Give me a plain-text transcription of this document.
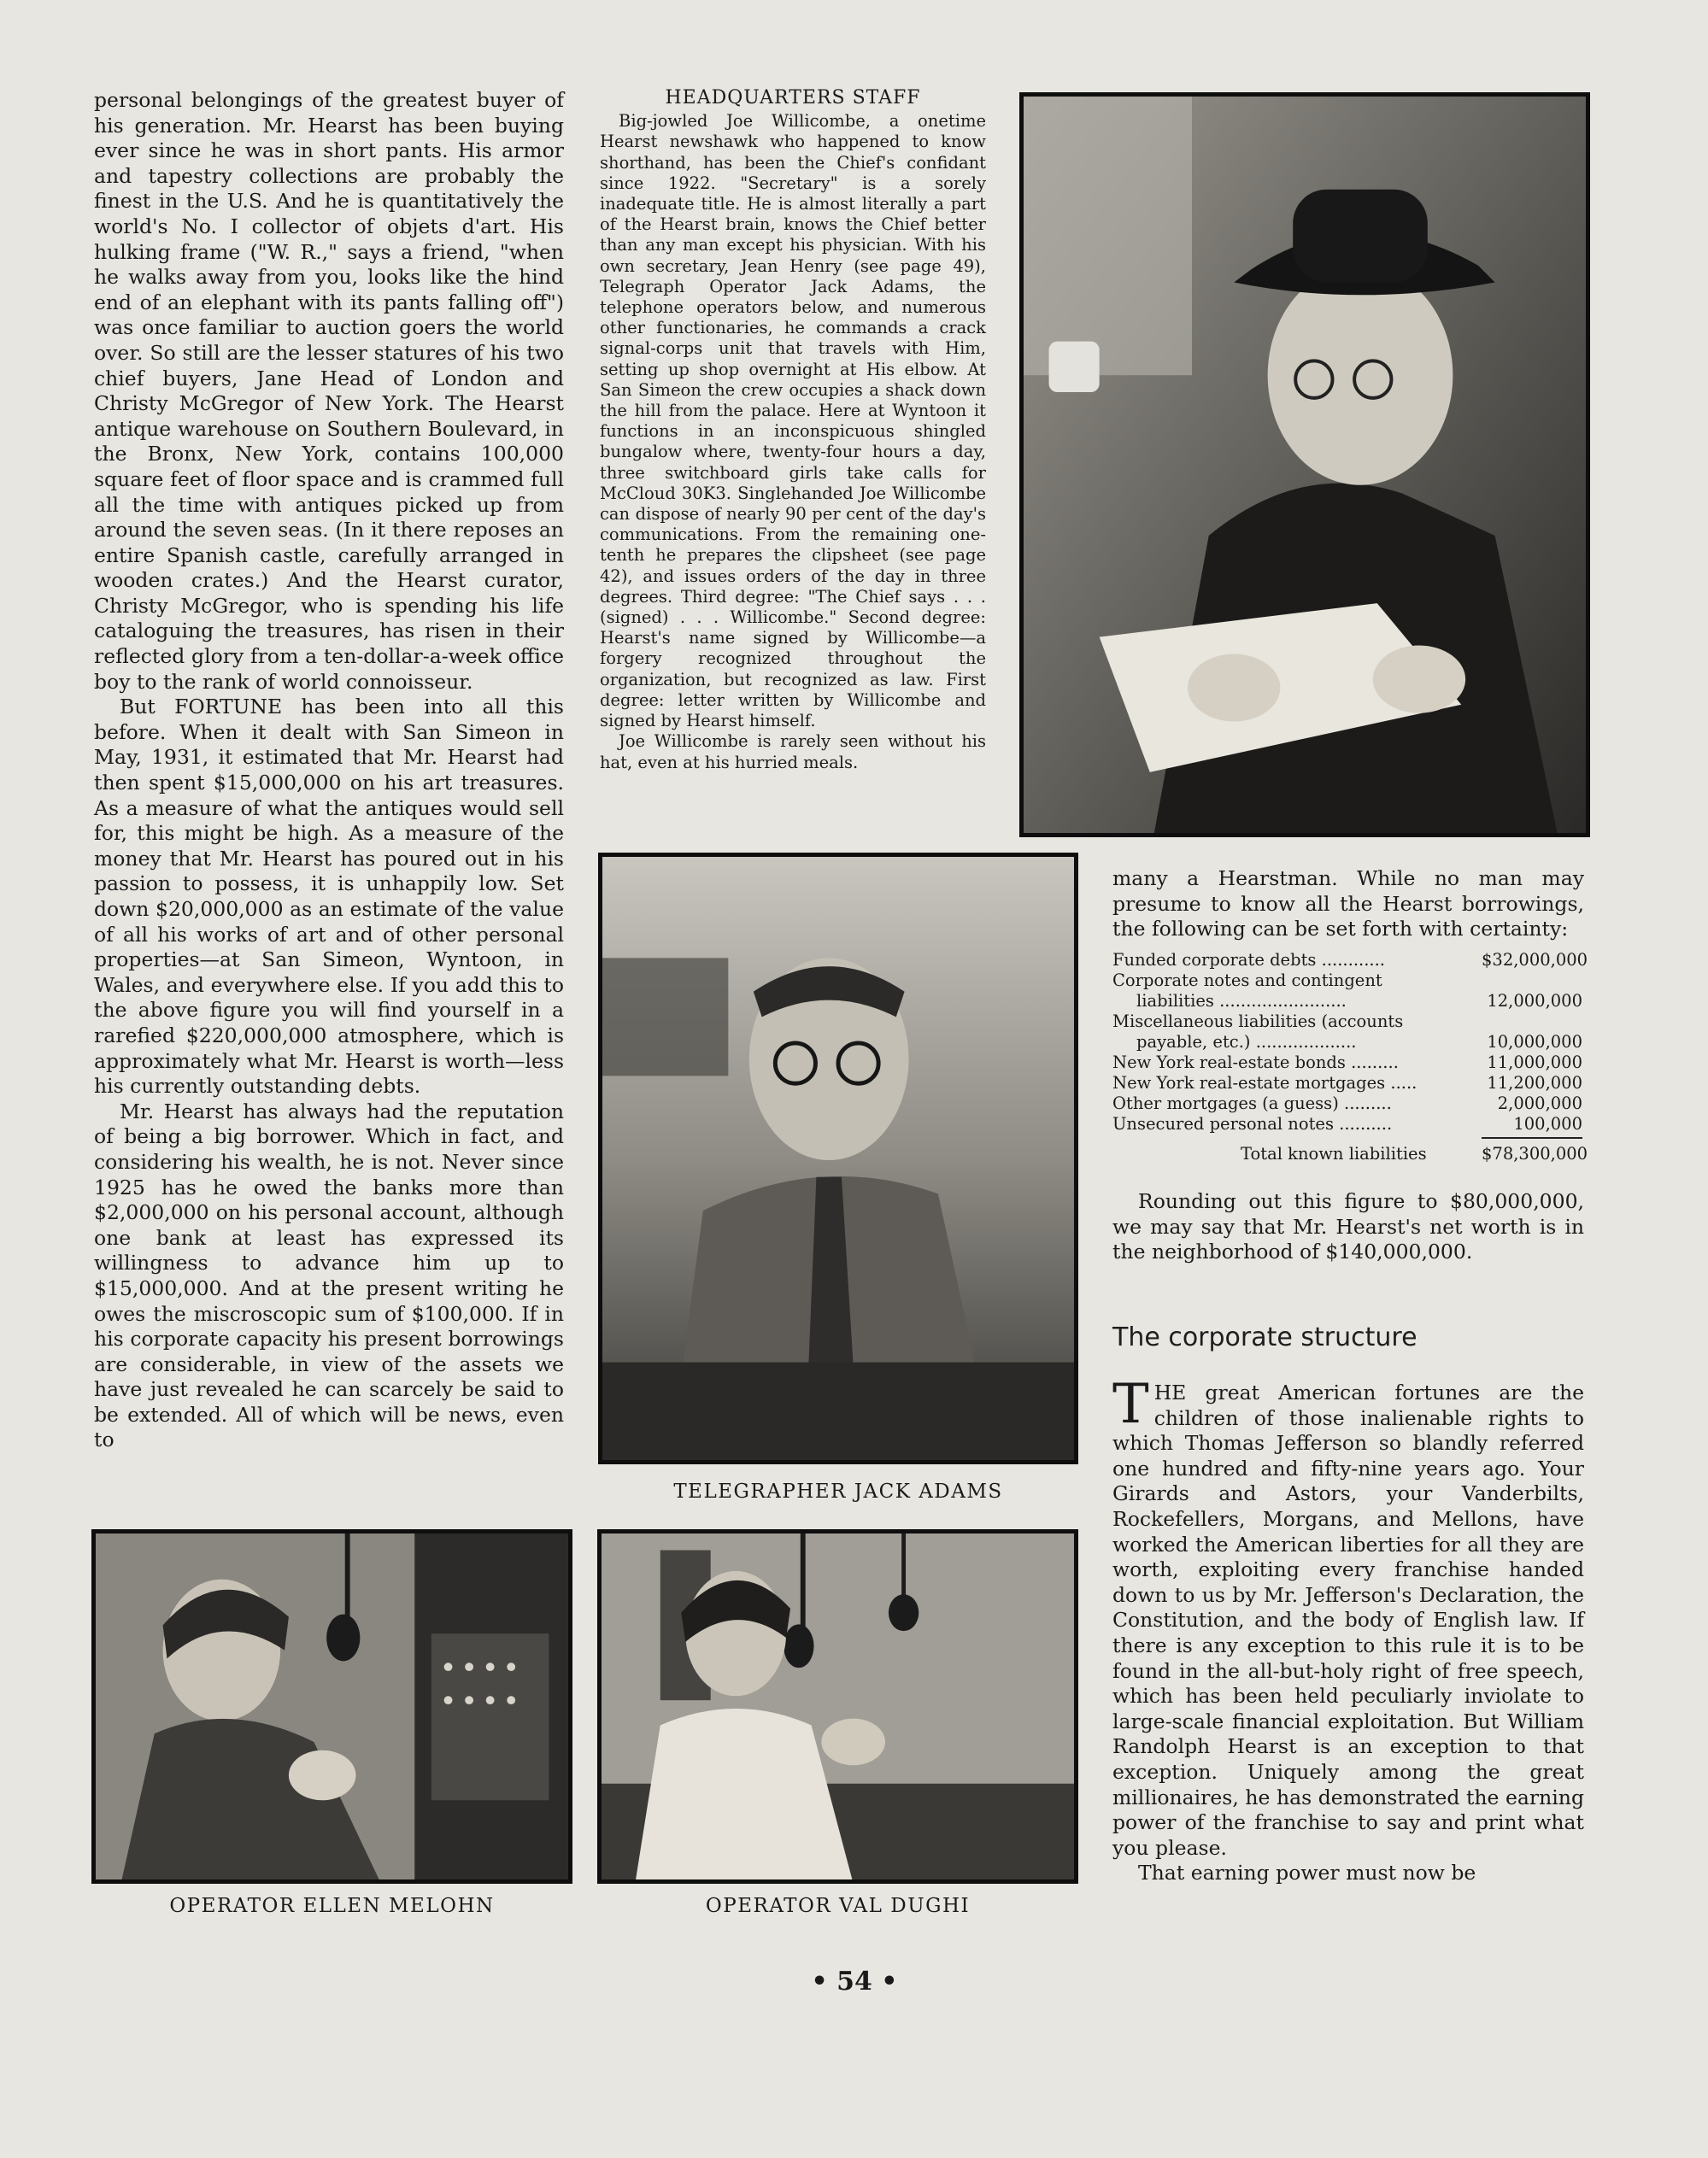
personal belongings of the greatest buyer of his generation. Mr. Hearst has been buying ever since he was in short pants. His armor and tapestry collections are probably the finest in the U.S. And he is quantitatively the world's No. I collector of objets d'art. His hulking frame ("W. R.," says a friend, "when he walks away from you, looks like the hind end of an elephant with its pants falling off") was once familiar to auction goers the world over. So still are the lesser statures of his two chief buyers, Jane Head of London and Christy McGregor of New York. The Hearst antique warehouse on Southern Boulevard, in the Bronx, New York, contains 100,000 square feet of floor space and is crammed full all the time with antiques picked up from around the seven seas. (In it there reposes an entire Spanish castle, carefully arranged in wooden crates.) And the Hearst curator, Christy McGregor, who is spending his life cataloguing the treasures, has risen in their reflected glory from a ten-dollar-a-week office boy to the rank of world connoisseur.

But FORTUNE has been into all this before. When it dealt with San Simeon in May, 1931, it estimated that Mr. Hearst had then spent $15,000,000 on his art treasures. As a measure of what the antiques would sell for, this might be high. As a measure of the money that Mr. Hearst has poured out in his passion to possess, it is unhappily low. Set down $20,000,000 as an estimate of the value of all his works of art and of other personal properties—at San Simeon, Wyntoon, in Wales, and everywhere else. If you add this to the above figure you will find yourself in a rarefied $220,000,000 atmosphere, which is approximately what Mr. Hearst is worth—less his currently outstanding debts.

Mr. Hearst has always had the reputation of being a big borrower. Which in fact, and considering his wealth, he is not. Never since 1925 has he owed the banks more than $2,000,000 on his personal account, although one bank at least has expressed its willingness to advance him up to $15,000,000. And at the present writing he owes the miscroscopic sum of $100,000. If in his corporate capacity his present borrowings are considerable, in view of the assets we have just revealed he can scarcely be said to be extended. All of which will be news, even to

HEADQUARTERS STAFF

Big-jowled Joe Willicombe, a onetime Hearst newshawk who happened to know shorthand, has been the Chief's confidant since 1922. "Secretary" is a sorely inadequate title. He is almost literally a part of the Hearst brain, knows the Chief better than any man except his physician. With his own secretary, Jean Henry (see page 49), Telegraph Operator Jack Adams, the telephone operators below, and numerous other functionaries, he commands a crack signal-corps unit that travels with Him, setting up shop overnight at His elbow. At San Simeon the crew occupies a shack down the hill from the palace. Here at Wyntoon it functions in an inconspicuous shingled bungalow where, twenty-four hours a day, three switchboard girls take calls for McCloud 30K3. Singlehanded Joe Willicombe can dispose of nearly 90 per cent of the day's communications. From the remaining one-tenth he prepares the clipsheet (see page 42), and issues orders of the day in three degrees. Third degree: "The Chief says . . . (signed) . . . Willicombe." Second degree: Hearst's name signed by Willicombe—a forgery recognized throughout the organization, but recognized as law. First degree: letter written by Willicombe and signed by Hearst himself.

Joe Willicombe is rarely seen without his hat, even at his hurried meals.

TELEGRAPHER JACK ADAMS

many a Hearstman. While no man may presume to know all the Hearst borrowings, the following can be set forth with certainty:

Funded corporate debts ............	$32,000,000
Corporate notes and contingent
liabilities ........................	12,000,000
Miscellaneous liabilities (accounts
payable, etc.) ...................	10,000,000
New York real-estate bonds .........	11,000,000
New York real-estate mortgages .....	11,200,000
Other mortgages (a guess) .........	2,000,000
Unsecured personal notes ..........	100,000
Total known liabilities	$78,300,000

Rounding out this figure to $80,000,000, we may say that Mr. Hearst's net worth is in the neighborhood of $140,000,000.

The corporate structure

THE great American fortunes are the children of those inalienable rights to which Thomas Jefferson so blandly referred one hundred and fifty-nine years ago. Your Girards and Astors, your Vanderbilts, Rockefellers, Morgans, and Mellons, have worked the American liberties for all they are worth, exploiting every franchise handed down to us by Mr. Jefferson's Declaration, the Constitution, and the body of English law. If there is any exception to this rule it is to be found in the all-but-holy right of free speech, which has been held peculiarly inviolate to large-scale financial exploitation. But William Randolph Hearst is an exception to that exception. Uniquely among the great millionaires, he has demonstrated the earning power of the franchise to say and print what you please.

That earning power must now be

OPERATOR ELLEN MELOHN	OPERATOR VAL DUGHI
• 54 •
